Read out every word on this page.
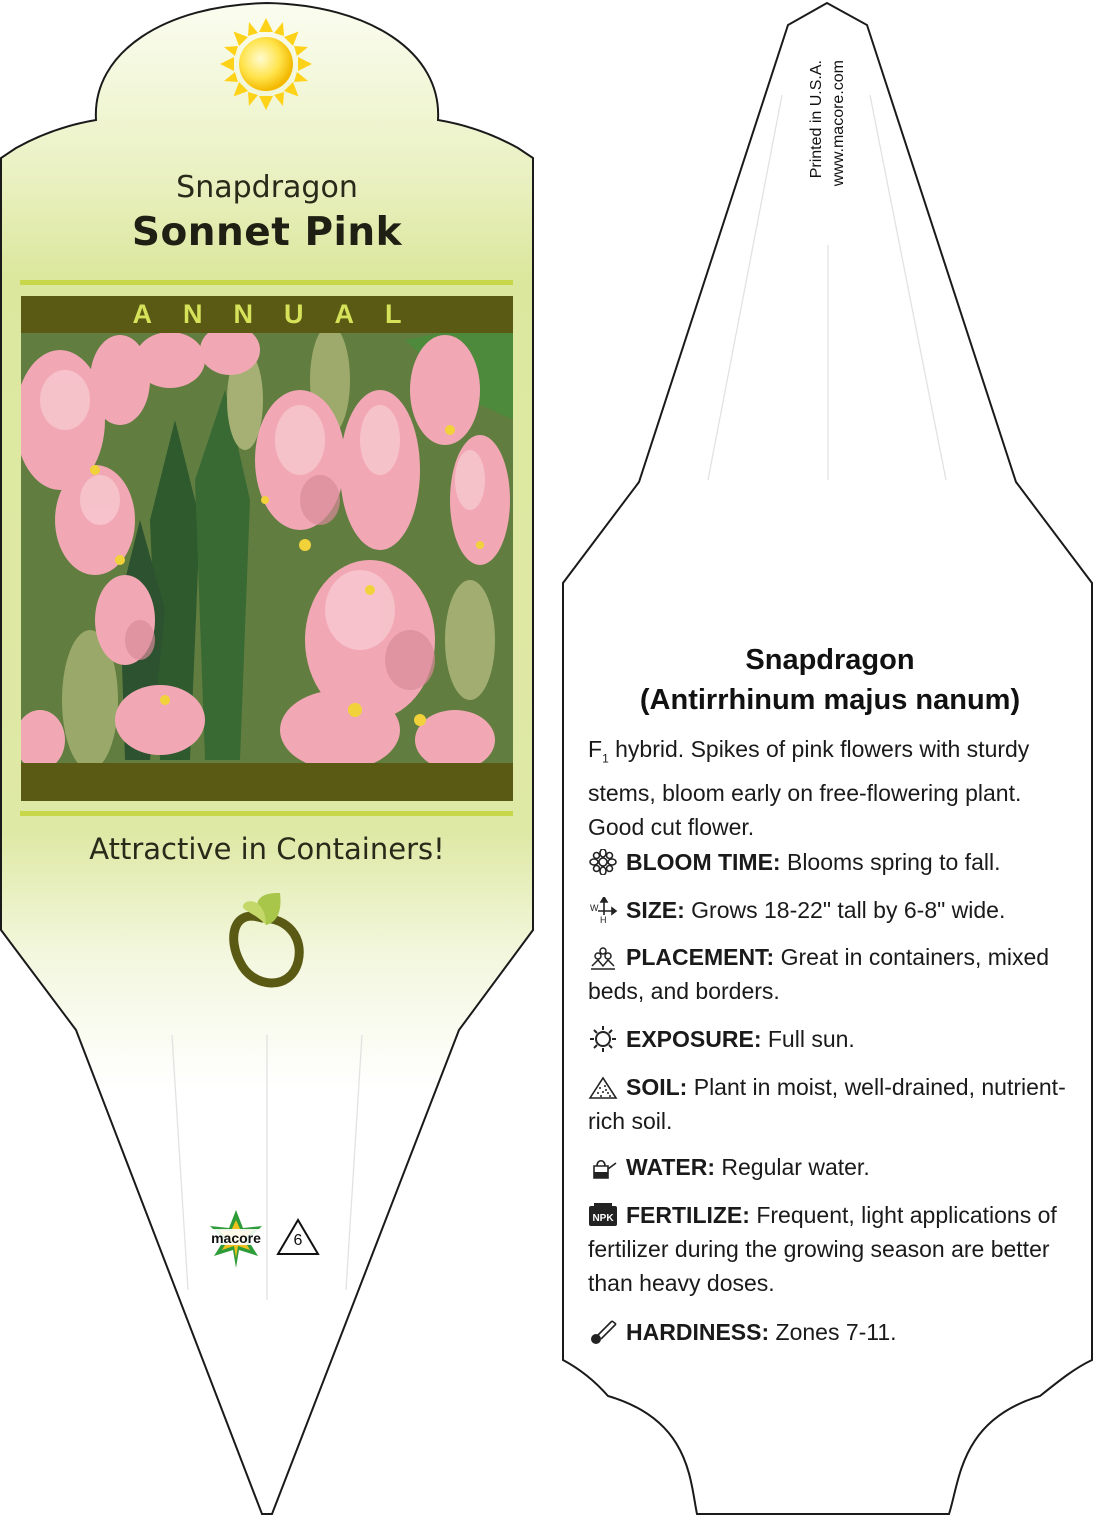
Snapdragon
Sonnet Pink
ANNUAL
Attractive in Containers!
macore	6
Printed in U.S.A. www.macore.com
Snapdragon
(Antirrhinum majus nanum)
$F_1$ hybrid. Spikes of pink flowers with sturdy stems, bloom early on free-flowering plant. Good cut flower.
BLOOM TIME: Blooms spring to fall.
W
H SIZE: Grows 18-22" tall by 6-8" wide.
PLACEMENT: Great in containers, mixed beds, and borders.
EXPOSURE: Full sun.
SOIL: Plant in moist, well-drained, nutrient-rich soil.
WATER: Regular water.
NPK FERTILIZE: Frequent, light applications of fertilizer during the growing season are better than heavy doses.
HARDINESS: Zones 7-11.
